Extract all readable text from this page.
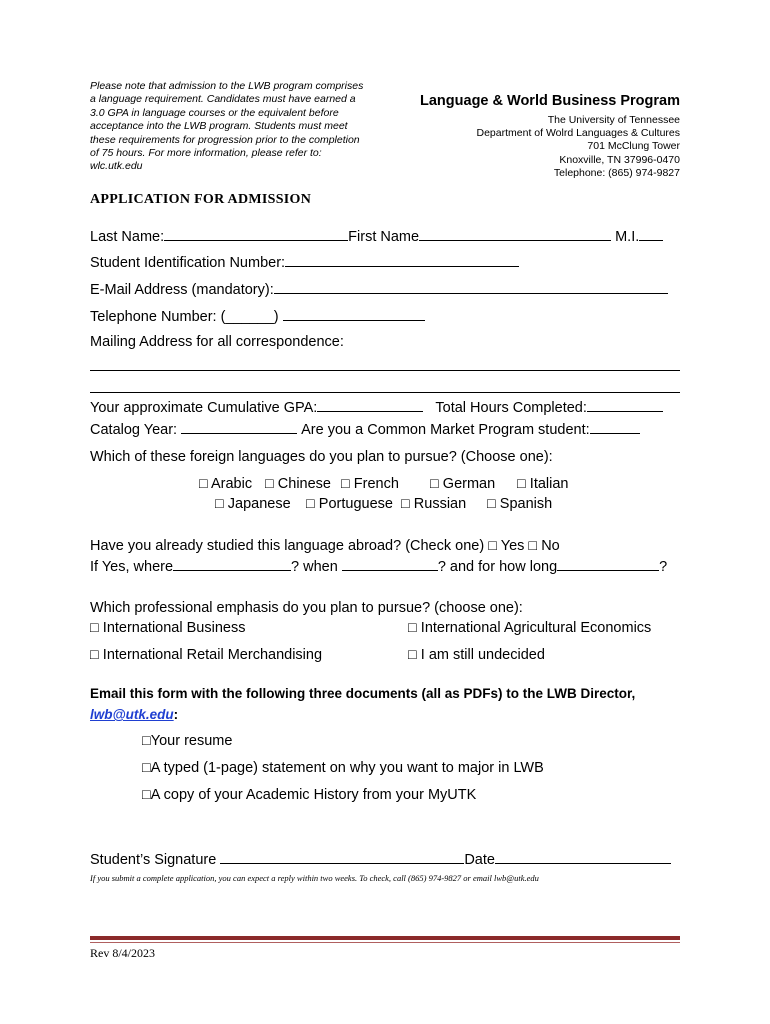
Please note that admission to the LWB program comprises
a language requirement. Candidates must have earned a
3.0 GPA in language courses or the equivalent before
acceptance into the LWB program. Students must meet
these requirements for progression prior to the completion
of 75 hours. For more information, please refer to:
wlc.utk.edu
Language & World Business Program
The University of Tennessee
Department of Wolrd Languages & Cultures
701 McClung Tower
Knoxville, TN 37996-0470
Telephone: (865) 974-9827
APPLICATION FOR ADMISSION
Last Name:	First Name	M.I.
Student Identification Number:
E-Mail Address (mandatory):
Telephone Number: (______)
Mailing Address for all correspondence:
Your approximate Cumulative GPA:	Total Hours Completed:
Catalog Year:	Are you a Common Market Program student:
Which of these foreign languages do you plan to pursue? (Choose one):
□ Arabic □ Chinese □ French □ German □ Italian
□ Japanese □ Portuguese □ Russian □ Spanish
Have you already studied this language abroad? (Check one) □ Yes □ No
If Yes, where	? when	? and for how long	?
Which professional emphasis do you plan to pursue? (choose one):
□ International Business	□ International Agricultural Economics
□ International Retail Merchandising	□ I am still undecided
Email this form with the following three documents (all as PDFs) to the LWB Director,
lwb@utk.edu:
□Your resume
□A typed (1-page) statement on why you want to major in LWB
□A copy of your Academic History from your MyUTK
Student’s Signature	Date
If you submit a complete application, you can expect a reply within two weeks. To check, call (865) 974-9827 or email lwb@utk.edu
Rev 8/4/2023
